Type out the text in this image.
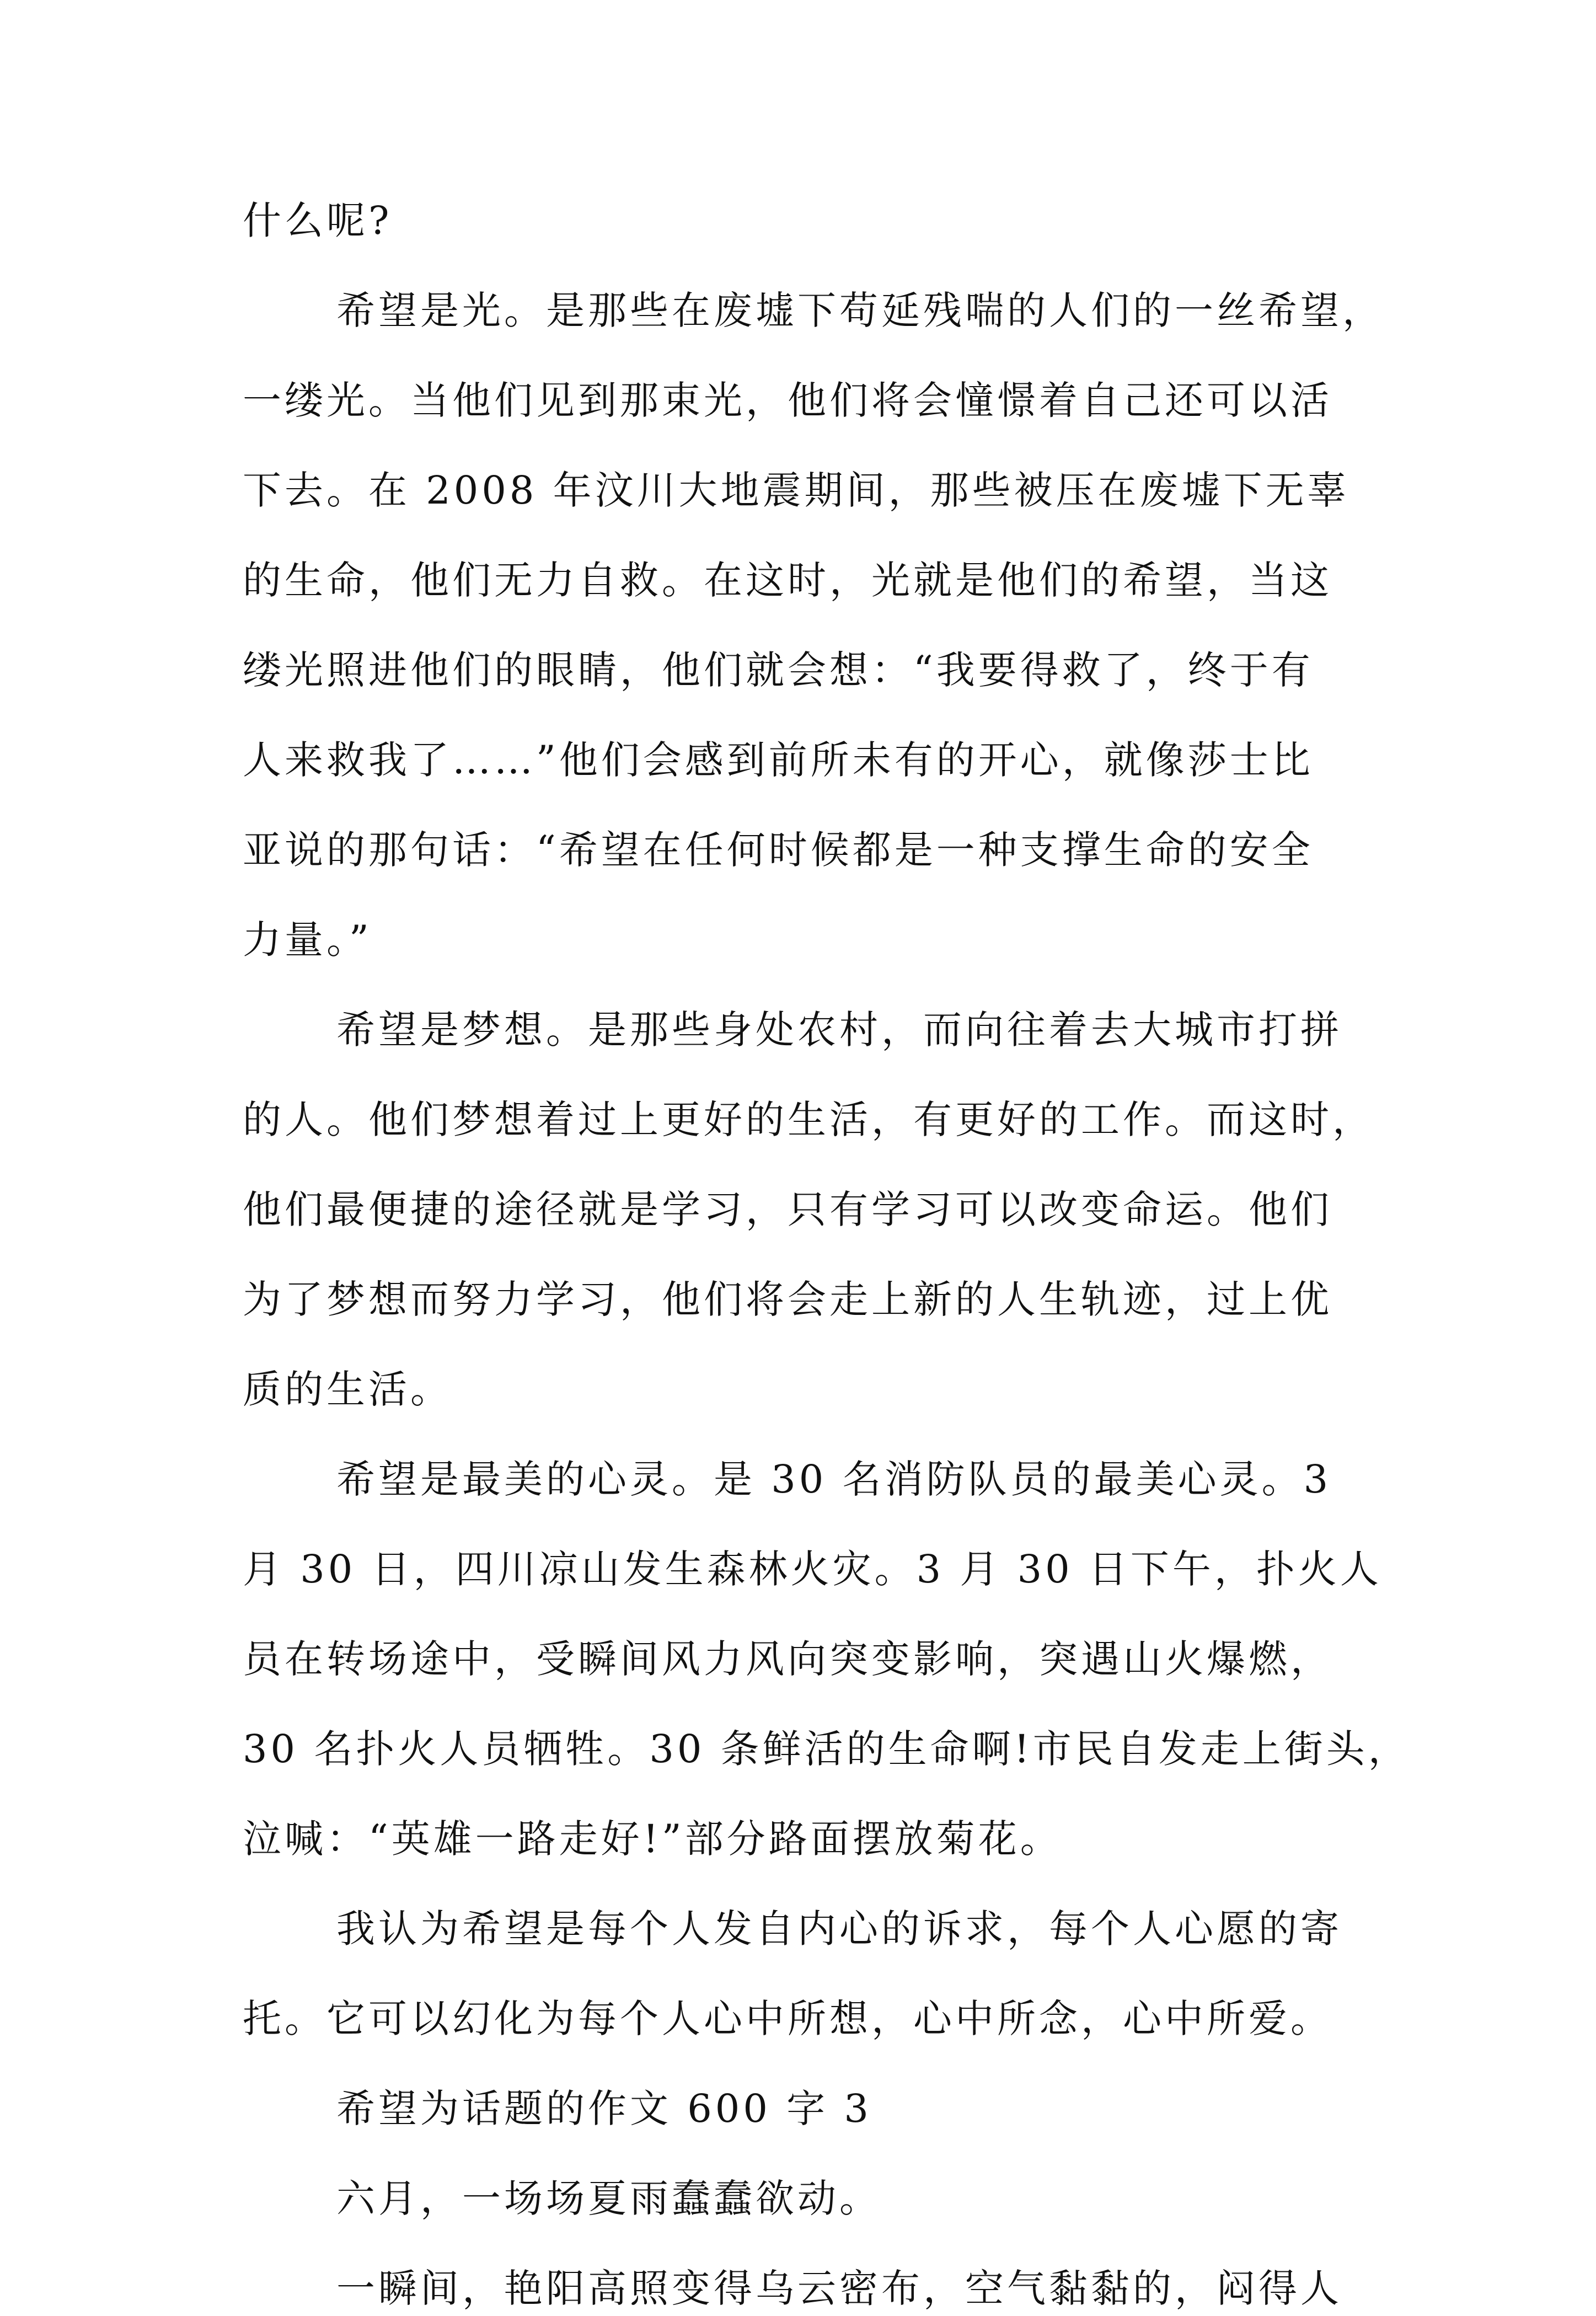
什么呢?
希望是光。是那些在废墟下苟延残喘的人们的一丝希望，
一缕光。当他们见到那束光，他们将会憧憬着自己还可以活
下去。在 2008 年汶川大地震期间，那些被压在废墟下无辜
的生命，他们无力自救。在这时，光就是他们的希望，当这
缕光照进他们的眼睛，他们就会想：“我要得救了，终于有
人来救我了……”他们会感到前所未有的开心，就像莎士比
亚说的那句话：“希望在任何时候都是一种支撑生命的安全
力量。”
希望是梦想。是那些身处农村，而向往着去大城市打拼
的人。他们梦想着过上更好的生活，有更好的工作。而这时，
他们最便捷的途径就是学习，只有学习可以改变命运。他们
为了梦想而努力学习，他们将会走上新的人生轨迹，过上优
质的生活。
希望是最美的心灵。是 30 名消防队员的最美心灵。3
月 30 日，四川凉山发生森林火灾。3 月 30 日下午，扑火人
员在转场途中，受瞬间风力风向突变影响，突遇山火爆燃，
30 名扑火人员牺牲。30 条鲜活的生命啊!市民自发走上街头，
泣喊：“英雄一路走好!”部分路面摆放菊花。
我认为希望是每个人发自内心的诉求，每个人心愿的寄
托。它可以幻化为每个人心中所想，心中所念，心中所爱。
希望为话题的作文 600 字 3
六月，一场场夏雨蠢蠢欲动。
一瞬间，艳阳高照变得乌云密布，空气黏黏的，闷得人
